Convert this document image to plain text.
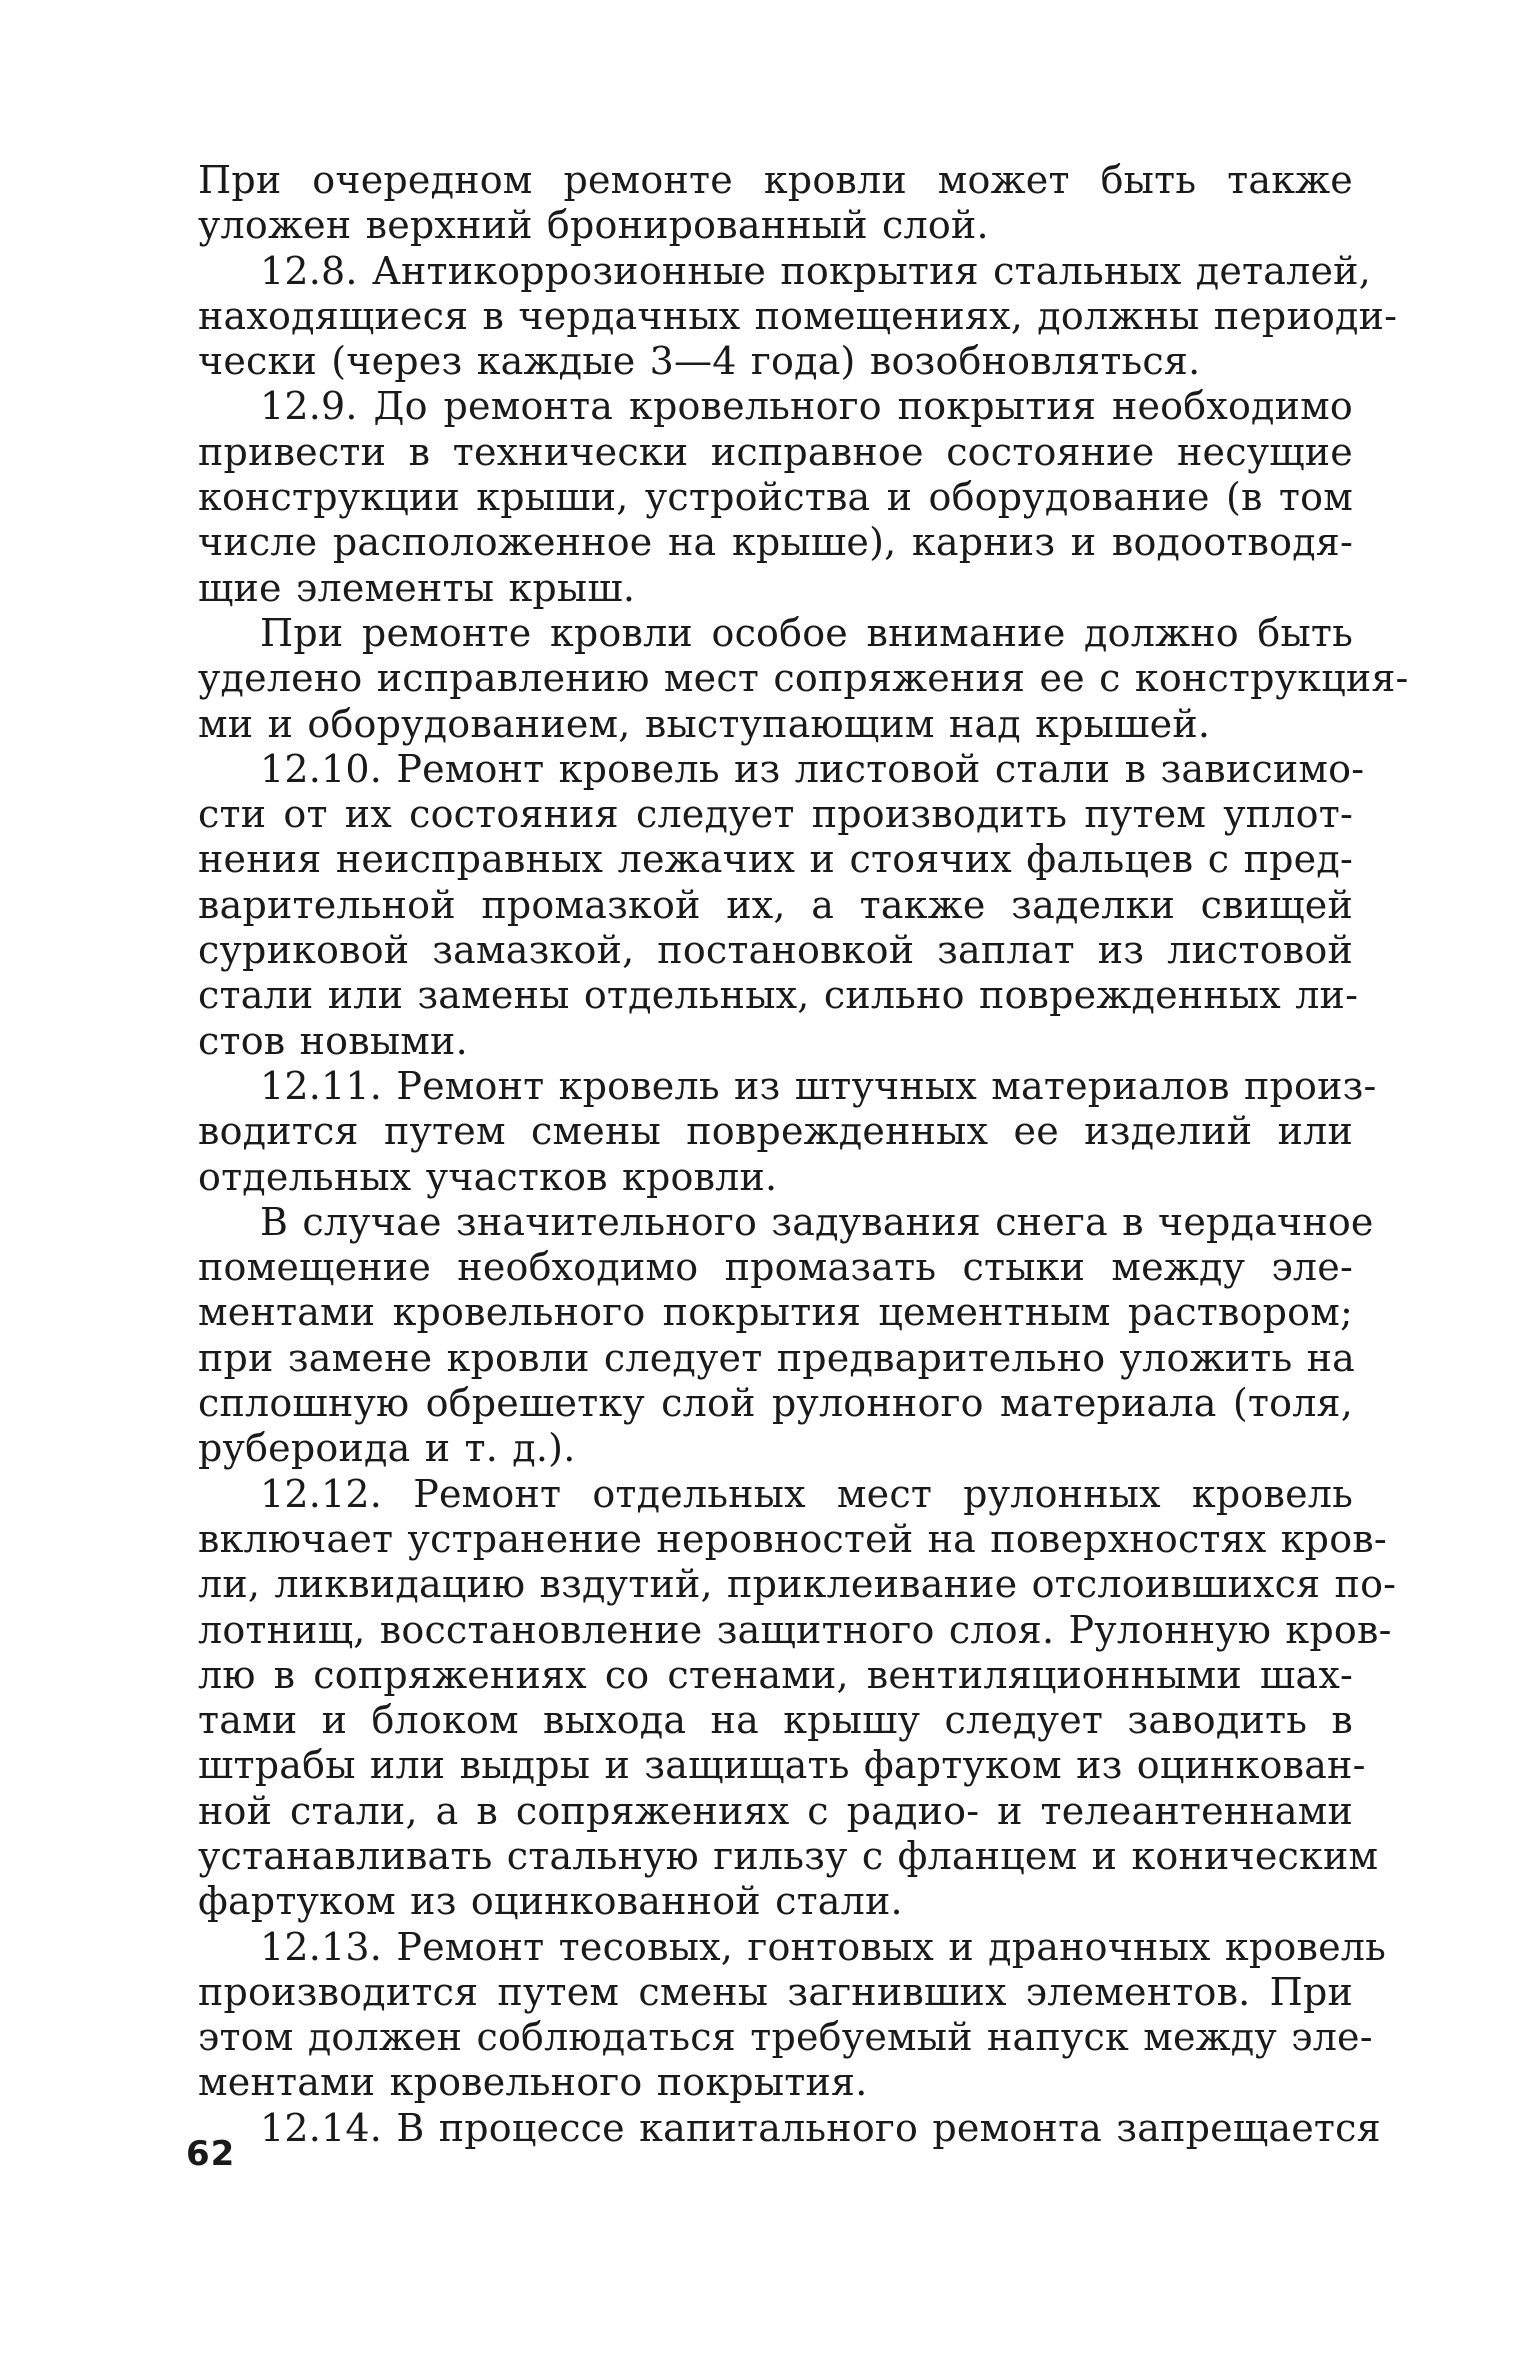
При очередном ремонте кровли может быть также
уложен верхний бронированный слой.
12.8. Антикоррозионные покрытия стальных деталей,
находящиеся в чердачных помещениях, должны периоди-
чески (через каждые 3—4 года) возобновляться.
12.9. До ремонта кровельного покрытия необходимо
привести в технически исправное состояние несущие
конструкции крыши, устройства и оборудование (в том
числе расположенное на крыше), карниз и водоотводя-
щие элементы крыш.
При ремонте кровли особое внимание должно быть
уделено исправлению мест сопряжения ее с конструкция-
ми и оборудованием, выступающим над крышей.
12.10. Ремонт кровель из листовой стали в зависимо-
сти от их состояния следует производить путем уплот-
нения неисправных лежачих и стоячих фальцев с пред-
варительной промазкой их, а также заделки свищей
суриковой замазкой, постановкой заплат из листовой
стали или замены отдельных, сильно поврежденных ли-
стов новыми.
12.11. Ремонт кровель из штучных материалов произ-
водится путем смены поврежденных ее изделий или
отдельных участков кровли.
В случае значительного задувания снега в чердачное
помещение необходимо промазать стыки между эле-
ментами кровельного покрытия цементным раствором;
при замене кровли следует предварительно уложить на
сплошную обрешетку слой рулонного материала (толя,
рубероида и т. д.).
12.12. Ремонт отдельных мест рулонных кровель
включает устранение неровностей на поверхностях кров-
ли, ликвидацию вздутий, приклеивание отслоившихся по-
лотнищ, восстановление защитного слоя. Рулонную кров-
лю в сопряжениях со стенами, вентиляционными шах-
тами и блоком выхода на крышу следует заводить в
штрабы или выдры и защищать фартуком из оцинкован-
ной стали, а в сопряжениях с радио- и телеантеннами
устанавливать стальную гильзу с фланцем и коническим
фартуком из оцинкованной стали.
12.13. Ремонт тесовых, гонтовых и драночных кровель
производится путем смены загнивших элементов. При
этом должен соблюдаться требуемый напуск между эле-
ментами кровельного покрытия.
12.14. В процессе капитального ремонта запрещается
62
